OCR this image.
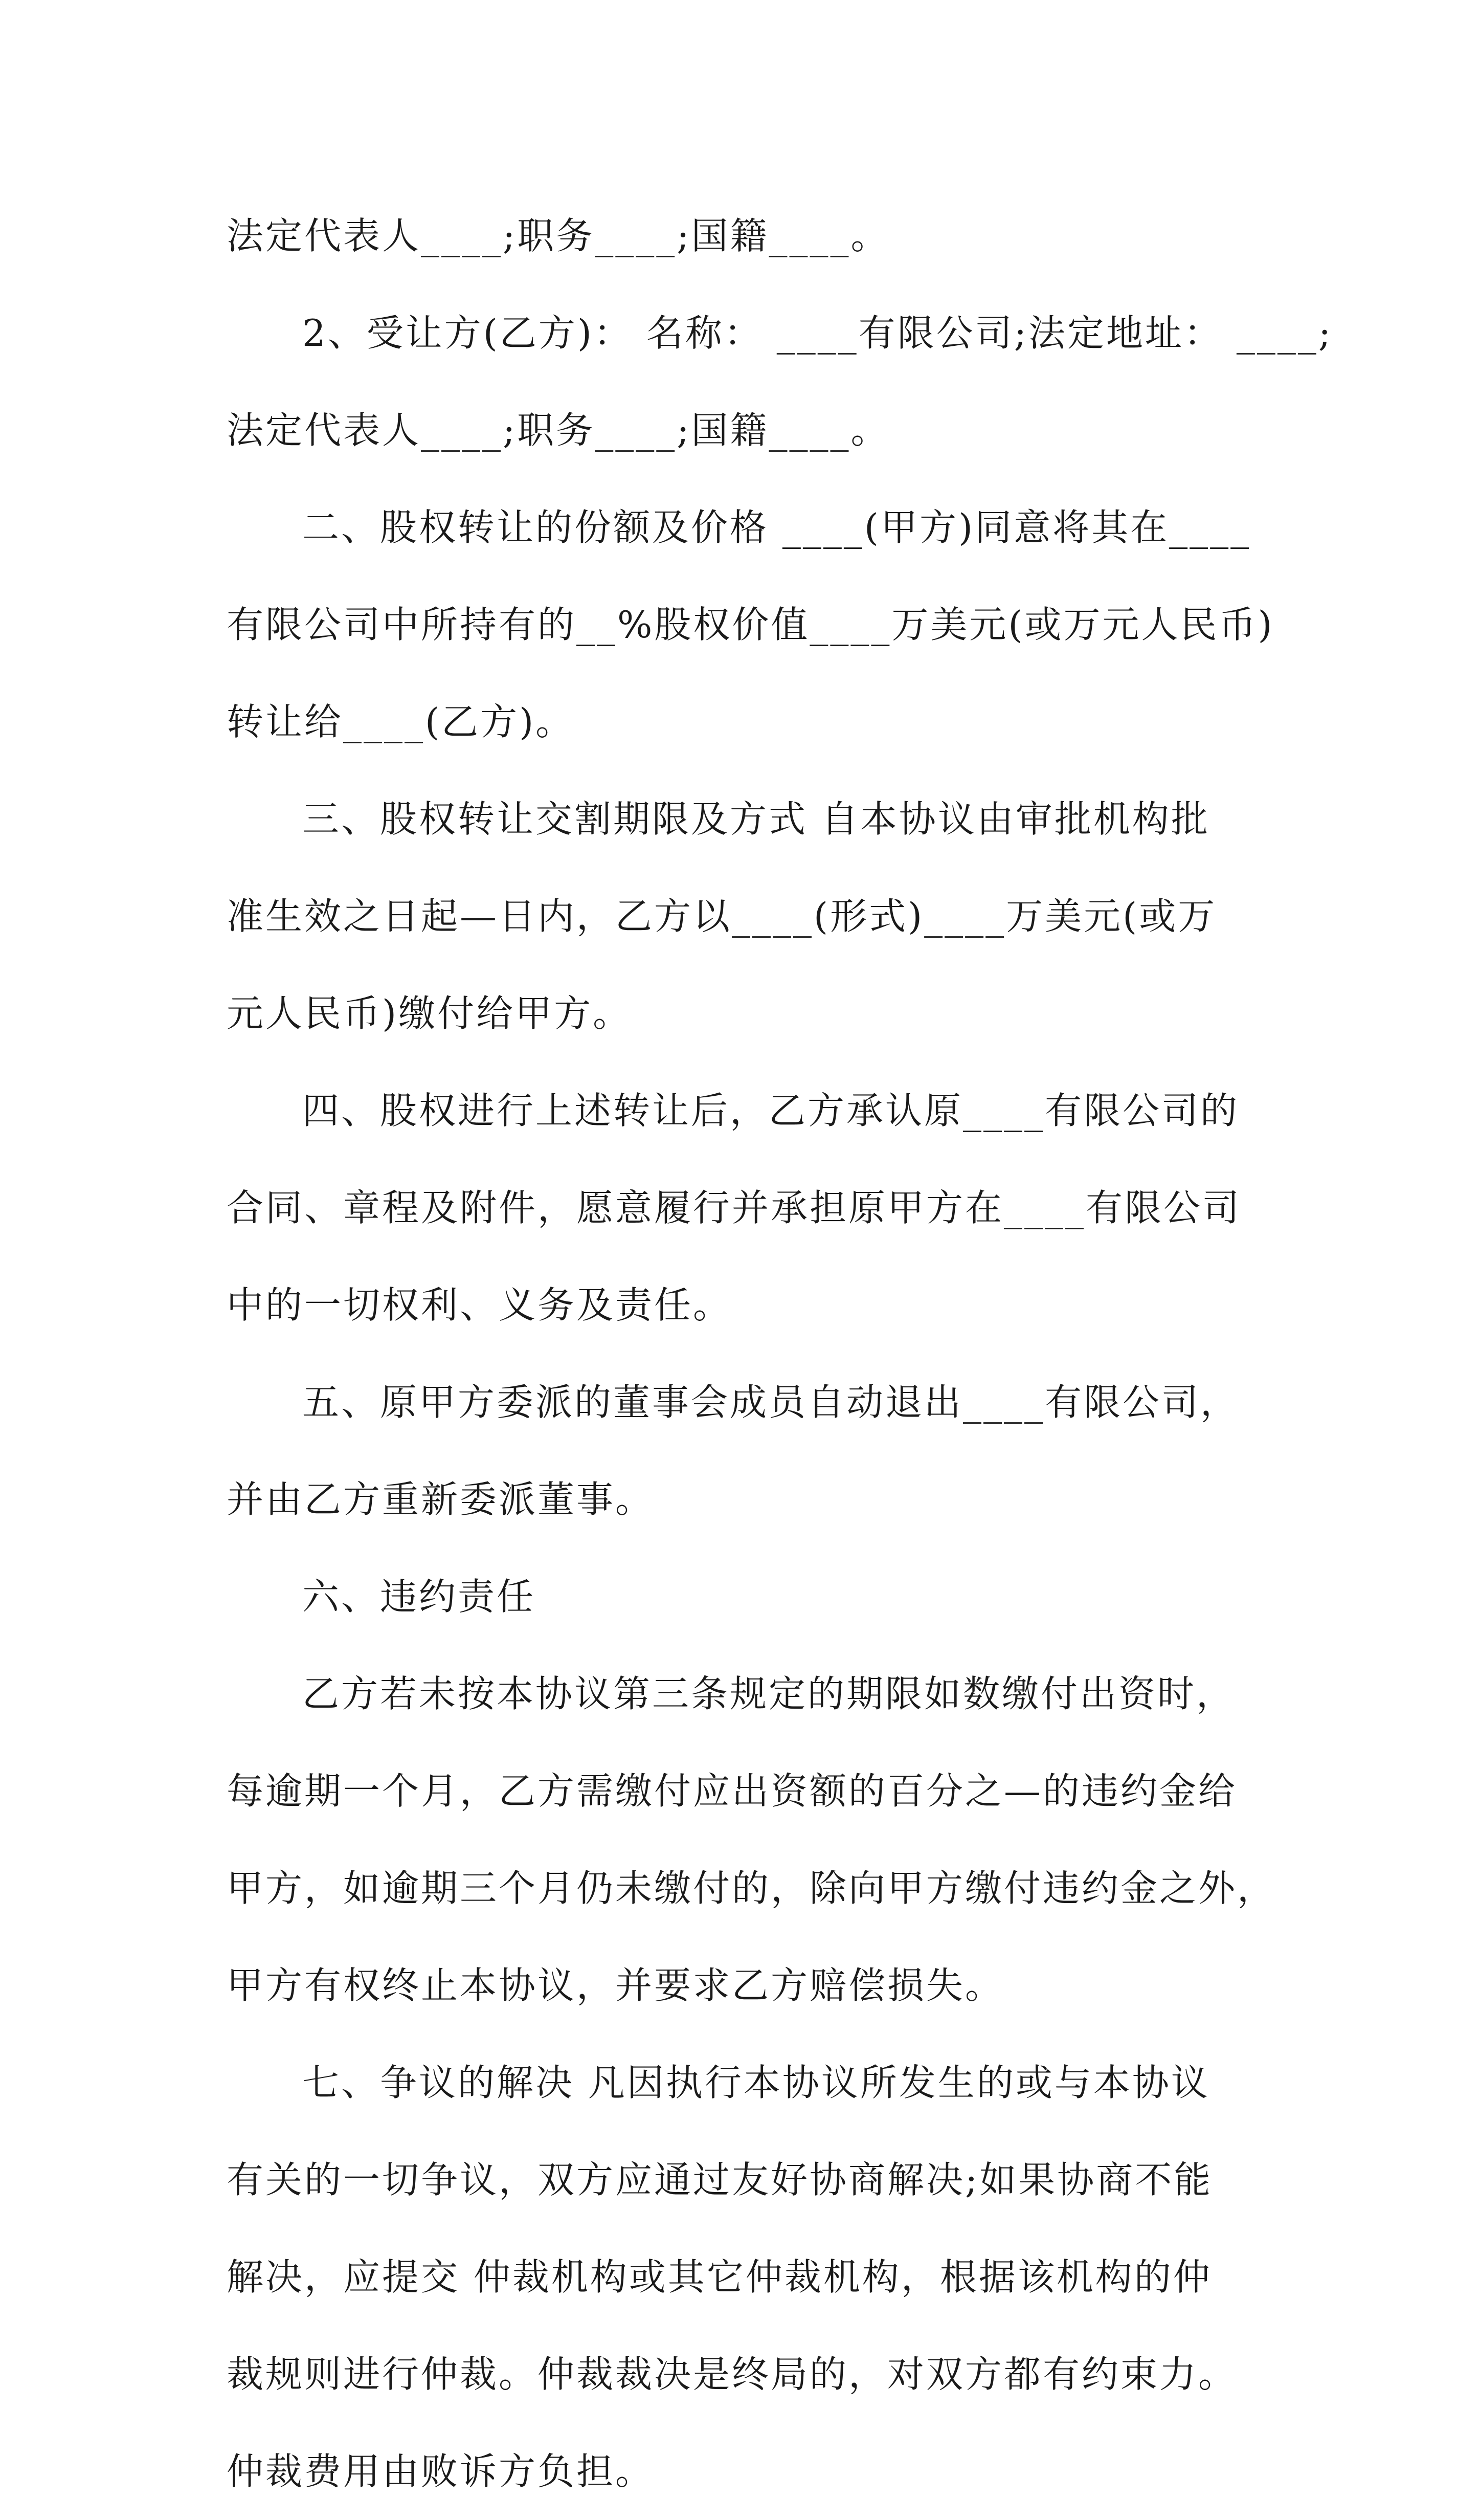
法定代表人____;职务____;国籍____。
2、受让方(乙方)： 名称： ____有限公司;法定地址： ____;
法定代表人____;职务____;国籍____。
二、股权转让的份额及价格 ____(甲方)同意将其在____
有限公司中所持有的__%股权价值____万美元(或万元人民币)
转让给____(乙方)。
三、股权转让交割期限及方式 自本协议由审批机构批
准生效之日起—日内，乙方以____(形式)____万美元(或万
元人民币)缴付给甲方。
四、股权进行上述转让后，乙方承认原____有限公司的
合同、章程及附件，愿意履行并承担原甲方在____有限公司
中的一切权利、义务及责任。
五、原甲方委派的董事会成员自动退出____有限公司，
并由乙方重新委派董事。
六、违约责任
乙方若未按本协议第三条规定的期限如数缴付出资时，
每逾期一个月，乙方需缴付应出资额的百分之—的违约金给
甲方，如逾期三个月仍未缴付的，除向甲方缴付违约金之外，
甲方有权终止本协议，并要求乙方赔偿损失。
七、争议的解决 凡因执行本协议所发生的或与本协议
有关的一切争议，双方应通过友好协商解决;如果协商不能
解决，应提交 仲裁机构或其它仲裁机构，根据该机构的仲
裁规则进行仲裁。仲裁裁决是终局的，对双方都有约束力。
仲裁费用由败诉方负担。
